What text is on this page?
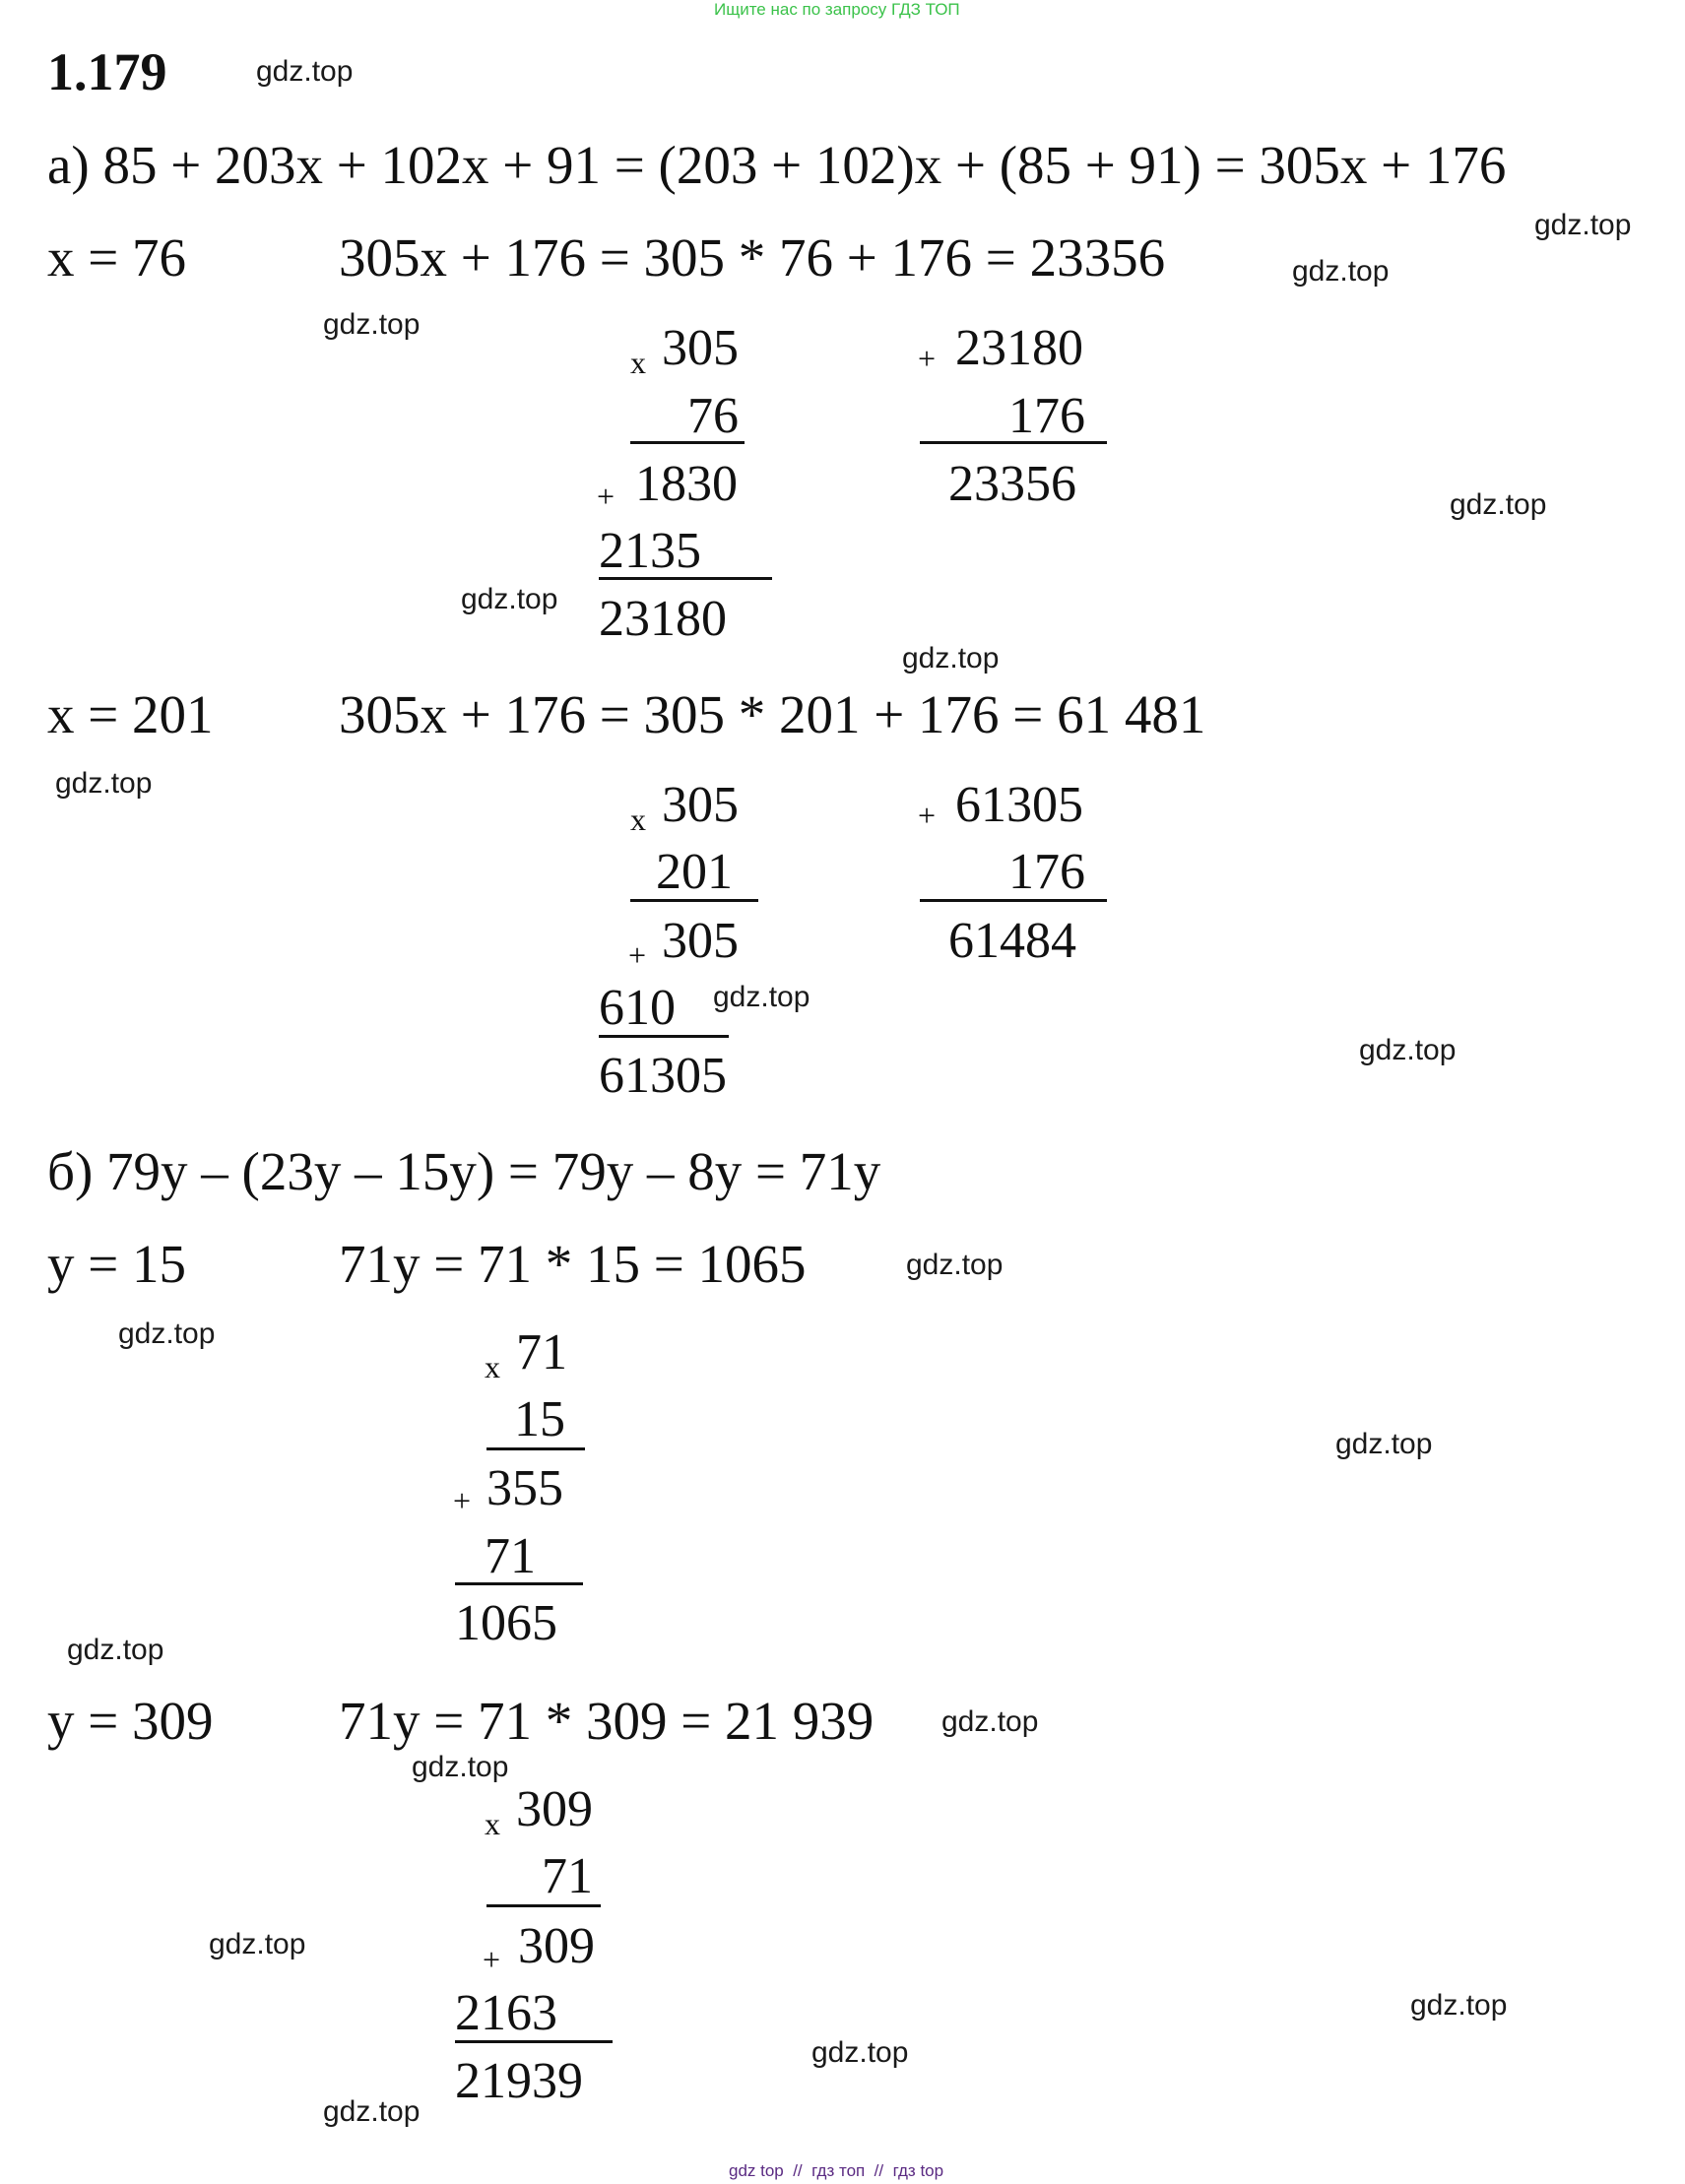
Ищите нас по запросу ГДЗ ТОП
1.179
а) 85 + 203x + 102x + 91 = (203 + 102)x + (85 + 91) = 305x + 176
x = 76	305x + 176 = 305 * 76 + 176 = 23356
x 305
76
+ 1830
2135
23180
+ 23180
176
23356
x = 201 305x + 176 = 305 * 201 + 176 = 61 481
x 305
201
+ 305
610
61305
+ 61305
176
61484
б) 79y – (23y – 15y) = 79y – 8y = 71y
y = 15	71y = 71 * 15 = 1065
x 71
15
+ 355
71
1065
y = 309 71y = 71 * 309 = 21 939
x 309
71
+ 309
2163
21939
gdz.top
gdz.top
gdz.top
gdz.top
gdz.top
gdz.top
gdz.top
gdz.top
gdz.top
gdz.top
gdz.top
gdz.top
gdz.top
gdz.top
gdz.top
gdz.top
gdz.top
gdz.top
gdz.top
gdz.top
gdz top  //  гдз топ  //  гдз top
